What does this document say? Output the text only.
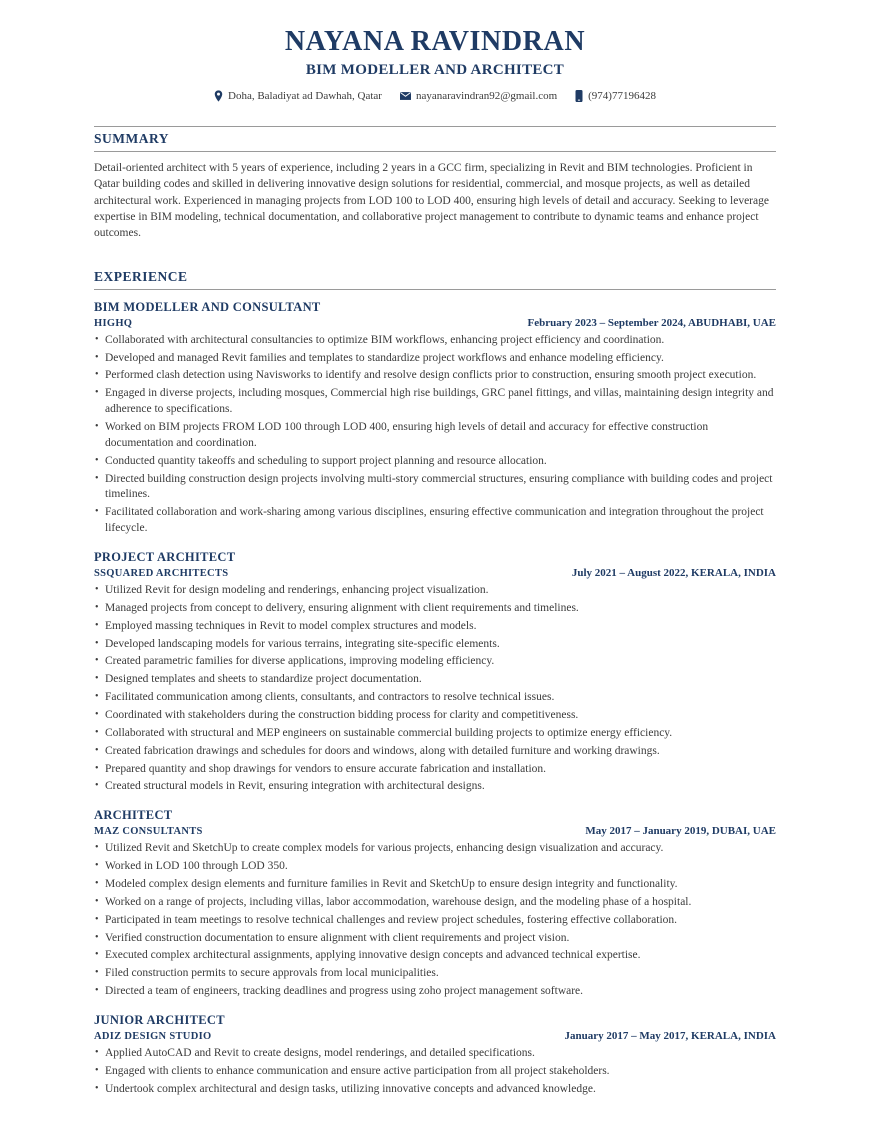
NAYANA RAVINDRAN
BIM MODELLER AND ARCHITECT
Doha, Baladiyat ad Dawhah, Qatar	nayanaravindran92@gmail.com	(974)77196428
SUMMARY

Detail-oriented architect with 5 years of experience, including 2 years in a GCC firm, specializing in Revit and BIM technologies. Proficient in Qatar building codes and skilled in delivering innovative design solutions for residential, commercial, and mosque projects, as well as detailed architectural work. Experienced in managing projects from LOD 100 to LOD 400, ensuring high levels of detail and accuracy. Seeking to leverage expertise in BIM modeling, technical documentation, and collaborative project management to contribute to dynamic teams and enhance project outcomes.

EXPERIENCE
BIM MODELLER AND CONSULTANT
HIGHQ	February 2023 – September 2024, ABUDHABI, UAE
• Collaborated with architectural consultancies to optimize BIM workflows, enhancing project efficiency and coordination.
• Developed and managed Revit families and templates to standardize project workflows and enhance modeling efficiency.
• Performed clash detection using Navisworks to identify and resolve design conflicts prior to construction, ensuring smooth project execution.
• Engaged in diverse projects, including mosques, Commercial high rise buildings, GRC panel fittings, and villas, maintaining design integrity and adherence to specifications.
• Worked on BIM projects FROM LOD 100 through LOD 400, ensuring high levels of detail and accuracy for effective construction documentation and coordination.
• Conducted quantity takeoffs and scheduling to support project planning and resource allocation.
• Directed building construction design projects involving multi-story commercial structures, ensuring compliance with building codes and project timelines.
• Facilitated collaboration and work-sharing among various disciplines, ensuring effective communication and integration throughout the project lifecycle.
PROJECT ARCHITECT
SSQUARED ARCHITECTS	July 2021 – August 2022, KERALA, INDIA
• Utilized Revit for design modeling and renderings, enhancing project visualization.
• Managed projects from concept to delivery, ensuring alignment with client requirements and timelines.
• Employed massing techniques in Revit to model complex structures and models.
• Developed landscaping models for various terrains, integrating site-specific elements.
• Created parametric families for diverse applications, improving modeling efficiency.
• Designed templates and sheets to standardize project documentation.
• Facilitated communication among clients, consultants, and contractors to resolve technical issues.
• Coordinated with stakeholders during the construction bidding process for clarity and competitiveness.
• Collaborated with structural and MEP engineers on sustainable commercial building projects to optimize energy efficiency.
• Created fabrication drawings and schedules for doors and windows, along with detailed furniture and working drawings.
• Prepared quantity and shop drawings for vendors to ensure accurate fabrication and installation.
• Created structural models in Revit, ensuring integration with architectural designs.
ARCHITECT
MAZ CONSULTANTS	May 2017 – January 2019, DUBAI, UAE
• Utilized Revit and SketchUp to create complex models for various projects, enhancing design visualization and accuracy.
• Worked in LOD 100 through LOD 350.
• Modeled complex design elements and furniture families in Revit and SketchUp to ensure design integrity and functionality.
• Worked on a range of projects, including villas, labor accommodation, warehouse design, and the modeling phase of a hospital.
• Participated in team meetings to resolve technical challenges and review project schedules, fostering effective collaboration.
• Verified construction documentation to ensure alignment with client requirements and project vision.
• Executed complex architectural assignments, applying innovative design concepts and advanced technical expertise.
• Filed construction permits to secure approvals from local municipalities.
• Directed a team of engineers, tracking deadlines and progress using zoho project management software.
JUNIOR ARCHITECT
ADIZ DESIGN STUDIO	January 2017 – May 2017, KERALA, INDIA
• Applied AutoCAD and Revit to create designs, model renderings, and detailed specifications.
• Engaged with clients to enhance communication and ensure active participation from all project stakeholders.
• Undertook complex architectural and design tasks, utilizing innovative concepts and advanced knowledge.
